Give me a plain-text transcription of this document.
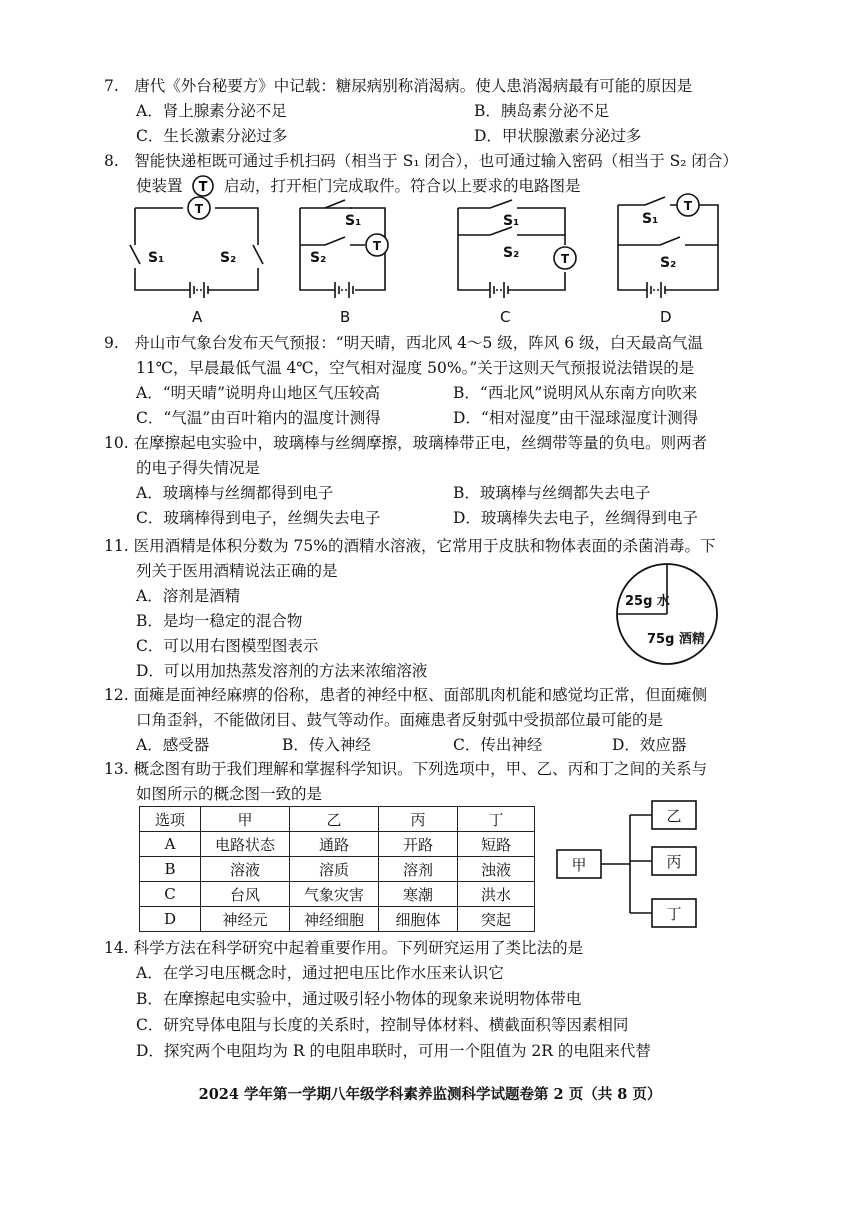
7.　唐代《外台秘要方》中记载：糖尿病别称消渴病。使人患消渴病最有可能的原因是
A．肾上腺素分泌不足	B．胰岛素分泌不足
C．生长激素分泌过多	D．甲状腺激素分泌过多
8.　智能快递柜既可通过手机扫码（相当于 S₁ 闭合），也可通过输入密码（相当于 S₂ 闭合）
使装置 T 启动，打开柜门完成取件。符合以上要求的电路图是
T
T
T
T
S₁	S₂
S₁
S₂
S₁
S₂
S₁
S₂
A	B	C	D
9.　舟山市气象台发布天气预报：“明天晴，西北风 4～5 级，阵风 6 级，白天最高气温
11℃，早晨最低气温 4℃，空气相对湿度 50%。”关于这则天气预报说法错误的是
A．“明天晴”说明舟山地区气压较高	B．“西北风”说明风从东南方向吹来
C．“气温”由百叶箱内的温度计测得	D．“相对湿度”由干湿球湿度计测得
10. 在摩擦起电实验中，玻璃棒与丝绸摩擦，玻璃棒带正电，丝绸带等量的负电。则两者
的电子得失情况是
A．玻璃棒与丝绸都得到电子	B．玻璃棒与丝绸都失去电子
C．玻璃棒得到电子，丝绸失去电子	D．玻璃棒失去电子，丝绸得到电子
11. 医用酒精是体积分数为 75%的酒精水溶液，它常用于皮肤和物体表面的杀菌消毒。下
列关于医用酒精说法正确的是
A．溶剂是酒精
B．是均一稳定的混合物
C．可以用右图模型图表示
D．可以用加热蒸发溶剂的方法来浓缩溶液
25g 水
75g 酒精
12. 面瘫是面神经麻痹的俗称，患者的神经中枢、面部肌肉机能和感觉均正常，但面瘫侧
口角歪斜，不能做闭目、鼓气等动作。面瘫患者反射弧中受损部位最可能的是
A．感受器	B．传入神经	C．传出神经	D．效应器
13. 概念图有助于我们理解和掌握科学知识。下列选项中，甲、乙、丙和丁之间的关系与
如图所示的概念图一致的是
选项	甲	乙	丙	丁
A	电路状态	通路	开路	短路
B	溶液	溶质	溶剂	浊液
C	台风	气象灾害	寒潮	洪水
D	神经元	神经细胞	细胞体	突起
甲
乙
丙
丁
14. 科学方法在科学研究中起着重要作用。下列研究运用了类比法的是
A．在学习电压概念时，通过把电压比作水压来认识它
B．在摩擦起电实验中，通过吸引轻小物体的现象来说明物体带电
C．研究导体电阻与长度的关系时，控制导体材料、横截面积等因素相同
D．探究两个电阻均为 R 的电阻串联时，可用一个阻值为 2R 的电阻来代替
2024 学年第一学期八年级学科素养监测科学试题卷第 2 页（共 8 页）
